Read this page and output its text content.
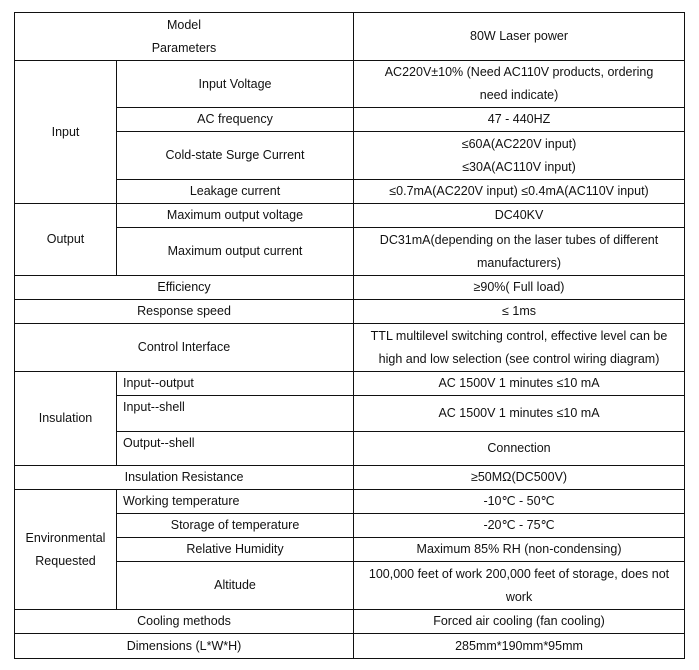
Model
Parameters		80W Laser power
Input	Input Voltage	AC220V±10% (Need AC110V products, ordering
need indicate)

	AC frequency	47 - 440HZ
	Cold-state Surge Current	≤60A(AC220V input)
≤30A(AC110V input)

	Leakage current	≤0.7mA(AC220V input) ≤0.4mA(AC110V input)
Output	Maximum output voltage	DC40KV
	Maximum output current	DC31mA(depending on the laser tubes of different
manufacturers)

Efficiency		≥90%( Full load)
Response speed		≤ 1ms
Control Interface		TTL multilevel switching control, effective level can be
high and low selection (see control wiring diagram)

Insulation	Input--output	AC 1500V 1 minutes ≤10 mA
	Input--shell	AC 1500V 1 minutes ≤10 mA
	Output--shell	Connection
Insulation Resistance		≥50MΩ(DC500V)

Environmental
Requested	Working temperature	-10℃ - 50℃
	Storage of temperature	-20℃ - 75℃
	Relative Humidity	Maximum 85% RH (non-condensing)
	Altitude	100,000 feet of work 200,000 feet of storage, does not
work

Cooling methods		Forced air cooling (fan cooling)
Dimensions (L*W*H)		285mm*190mm*95mm
